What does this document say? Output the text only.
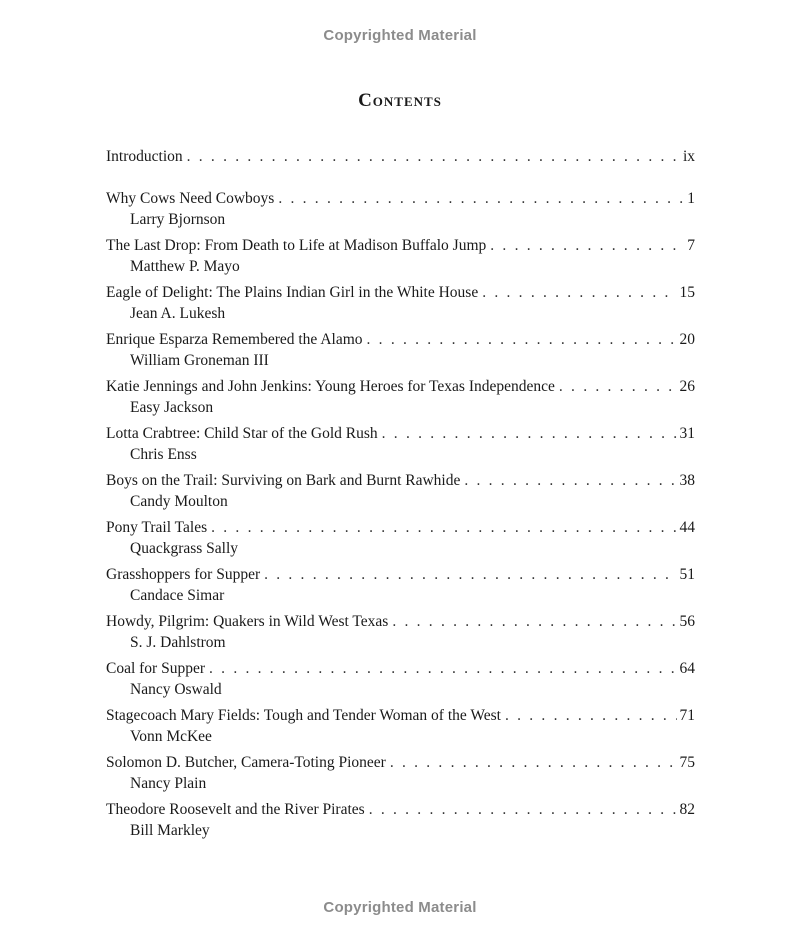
Copyrighted Material
Contents
Introduction . . .	ix
Why Cows Need Cowboys . . .	1
Larry Bjornson
The Last Drop: From Death to Life at Madison Buffalo Jump . . .	7
Matthew P. Mayo
Eagle of Delight: The Plains Indian Girl in the White House . . .	15
Jean A. Lukesh
Enrique Esparza Remembered the Alamo . . .	20
William Groneman III
Katie Jennings and John Jenkins: Young Heroes for Texas Independence . . .	26
Easy Jackson
Lotta Crabtree: Child Star of the Gold Rush . . .	31
Chris Enss
Boys on the Trail: Surviving on Bark and Burnt Rawhide . . .	38
Candy Moulton
Pony Trail Tales . . .	44
Quackgrass Sally
Grasshoppers for Supper . . .	51
Candace Simar
Howdy, Pilgrim: Quakers in Wild West Texas . . .	56
S. J. Dahlstrom
Coal for Supper . . .	64
Nancy Oswald
Stagecoach Mary Fields: Tough and Tender Woman of the West . . .	71
Vonn McKee
Solomon D. Butcher, Camera-Toting Pioneer . . .	75
Nancy Plain
Theodore Roosevelt and the River Pirates . . .	82
Bill Markley
Copyrighted Material
